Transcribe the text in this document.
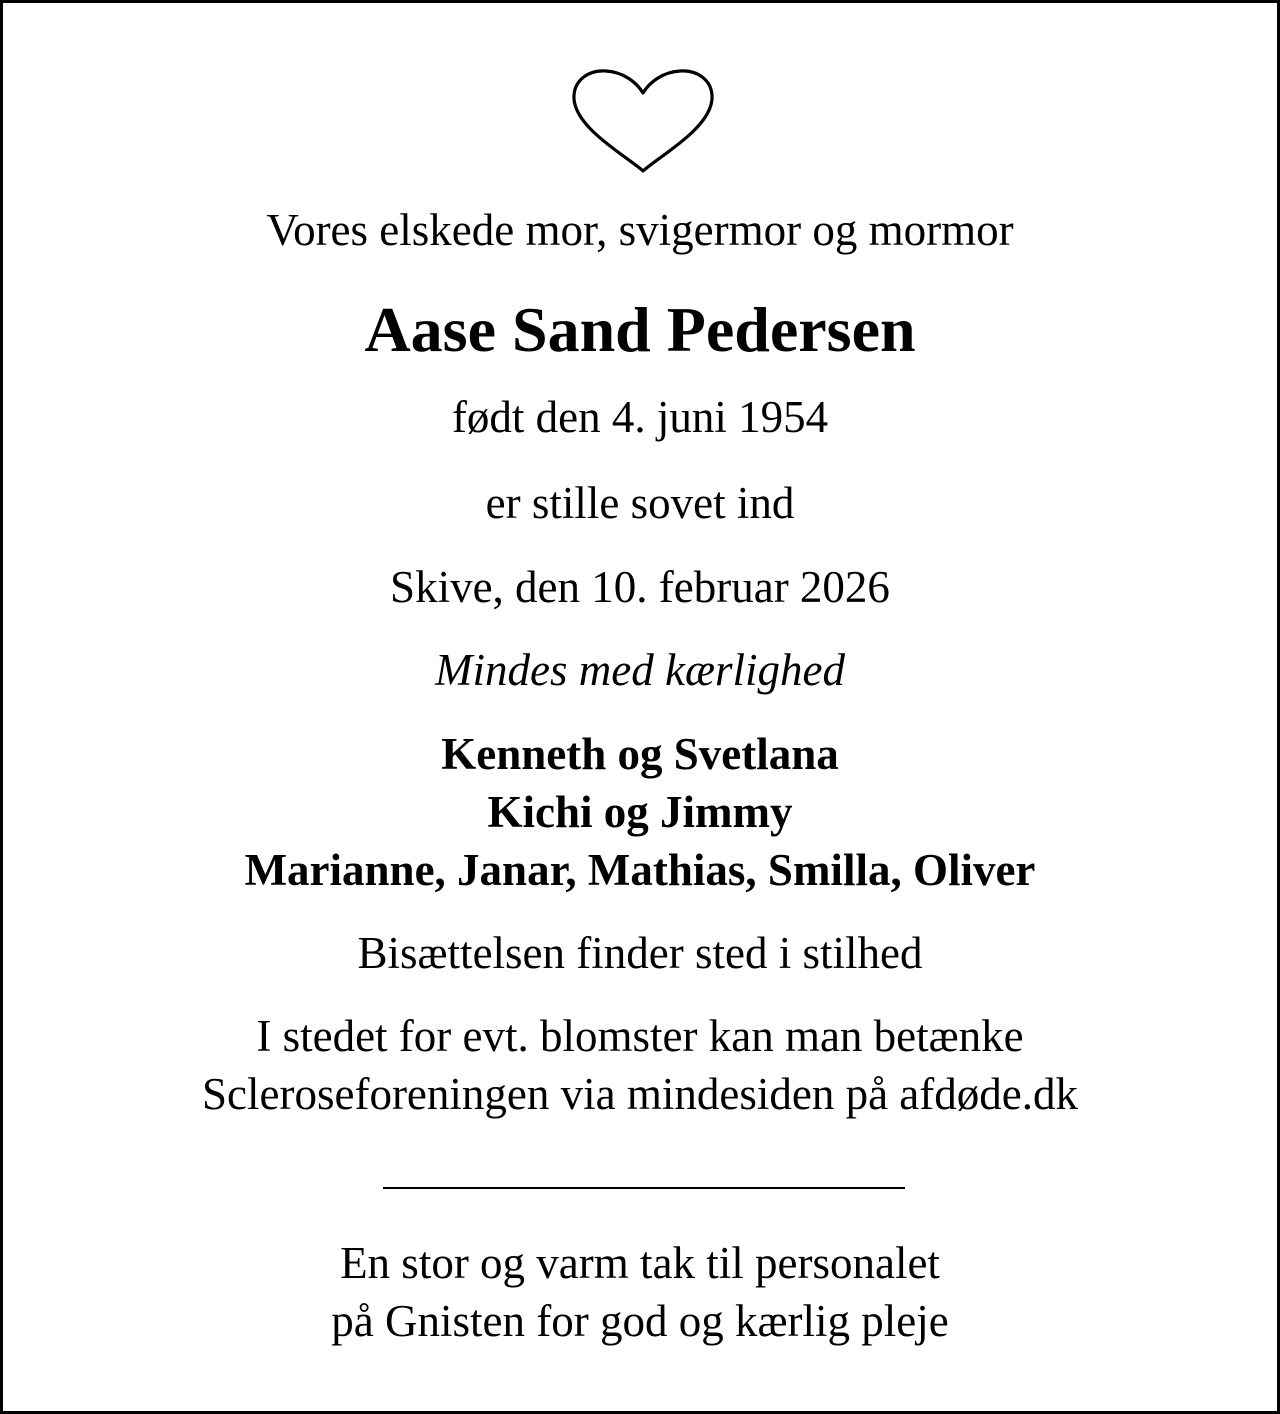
Vores elskede mor, svigermor og mormor

Aase Sand Pedersen

født den 4. juni 1954

er stille sovet ind

Skive, den 10. februar 2026

Mindes med kærlighed

Kenneth og Svetlana
Kichi og Jimmy
Marianne, Janar, Mathias, Smilla, Oliver

Bisættelsen finder sted i stilhed

I stedet for evt. blomster kan man betænke
Scleroseforeningen via mindesiden på afdøde.dk
En stor og varm tak til personalet
på Gnisten for god og kærlig pleje
